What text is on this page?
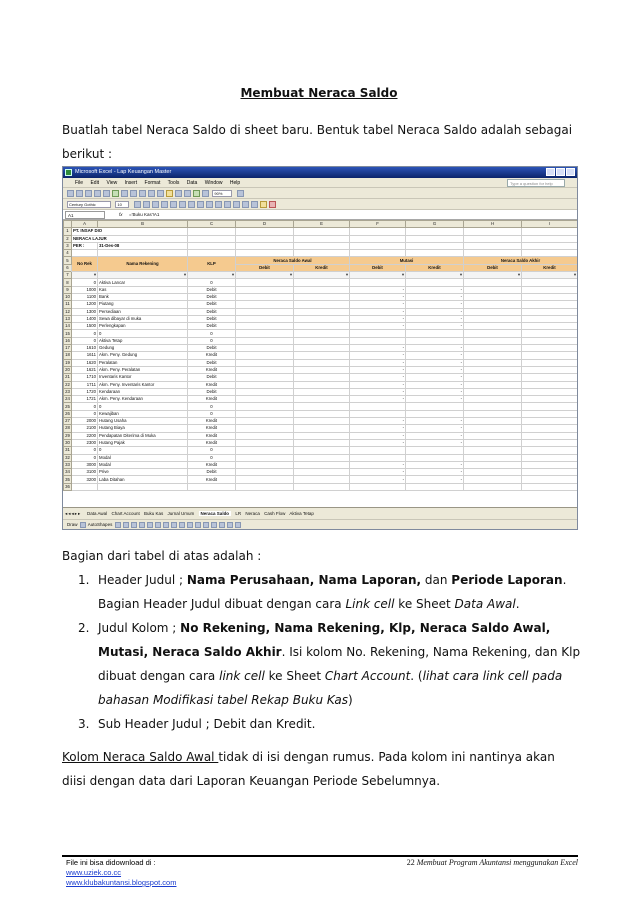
Membuat Neraca Saldo
Buatlah tabel Neraca Saldo di sheet baru. Bentuk tabel Neraca Saldo adalah sebagai berikut :
Microsoft Excel - Lap Keuangan Master
File Edit View Insert Format Tools Data Window Help	Type a question for help
90%
Century Gothic	10
A1	fx ='Buku Kas'!A1
	A	B	C	D	E	F	G	H	I
1	PT. INSAF DIO								
2	NERACA LAJUR								
3	PER :	31-Des-08							
4									
5	No Rek	Nama Rekening	KLP	Neraca Saldo Awal		Mutasi		Neraca Saldo Akhir	
6				Debit	Kredit	Debit	Kredit	Debit	Kredit
7	▾	▾	▾	▾	▾	▾	▾	▾	▾
8	0	Aktiva Lancar	0						
9	1000	Kas	Debit			-	-		
10	1100	Bank	Debit			-	-		
11	1200	Piutang	Debit			-	-		
12	1300	Persediaan	Debit			-	-		
13	1400	Sewa dibayar di muka	Debit			-	-		
14	1500	Perlengkapan	Debit			-	-		
15	0	0	0						
16	0	Aktiva Tetap	0						
17	1610	Gedung	Debit			-	-		
18	1611	Akm. Peny. Gedung	Kredit			-	-		
19	1620	Peralatan	Debit			-	-		
20	1621	Akm. Peny. Peralatan	Kredit			-	-		
21	1710	Inventaris Kantor	Debit			-	-		
22	1711	Akm. Peny. Inventaris Kantor	Kredit			-	-		
23	1720	Kendaraan	Debit			-	-		
24	1721	Akm. Peny. Kendaraan	Kredit			-	-		
25	0	0	0						
26	0	Kewajiban	0						
27	2000	Hutang Usaha	Kredit			-	-		
28	2100	Hutang Biaya	Kredit			-	-		
29	2200	Pendapatan Diterima di Muka	Kredit			-	-		
30	2300	Hutang Pajak	Kredit			-	-		
31	0	0	0						
32	0	Modal	0						
33	3000	Modal	Kredit			-	-		
34	3100	Prive	Debit			-	-		
35	3200	Laba Ditahan	Kredit			-	-		
36									
◂◂◂▸▸ Data Awal Chart Account Buku Kas Jurnal Umum Neraca Saldo LR Neraca Cash Flow Aktiva Tetap
Draw AutoShapes
Bagian dari tabel di atas adalah :
1. Header Judul ; Nama Perusahaan, Nama Laporan, dan Periode Laporan. Bagian Header Judul dibuat dengan cara Link cell ke Sheet Data Awal.
2. Judul Kolom ; No Rekening, Nama Rekening, Klp, Neraca Saldo Awal, Mutasi, Neraca Saldo Akhir. Isi kolom No. Rekening, Nama Rekening, dan Klp dibuat dengan cara link cell ke Sheet Chart Account. (lihat cara link cell pada bahasan Modifikasi tabel Rekap Buku Kas)
3. Sub Header Judul ; Debit dan Kredit.
Kolom Neraca Saldo Awal tidak di isi dengan rumus. Pada kolom ini nantinya akan diisi dengan data dari Laporan Keuangan Periode Sebelumnya.
File ini bisa didownload di :
www.uziek.co.cc
www.klubakuntansi.blogspot.com
22 Membuat Program Akuntansi menggunakan Excel
